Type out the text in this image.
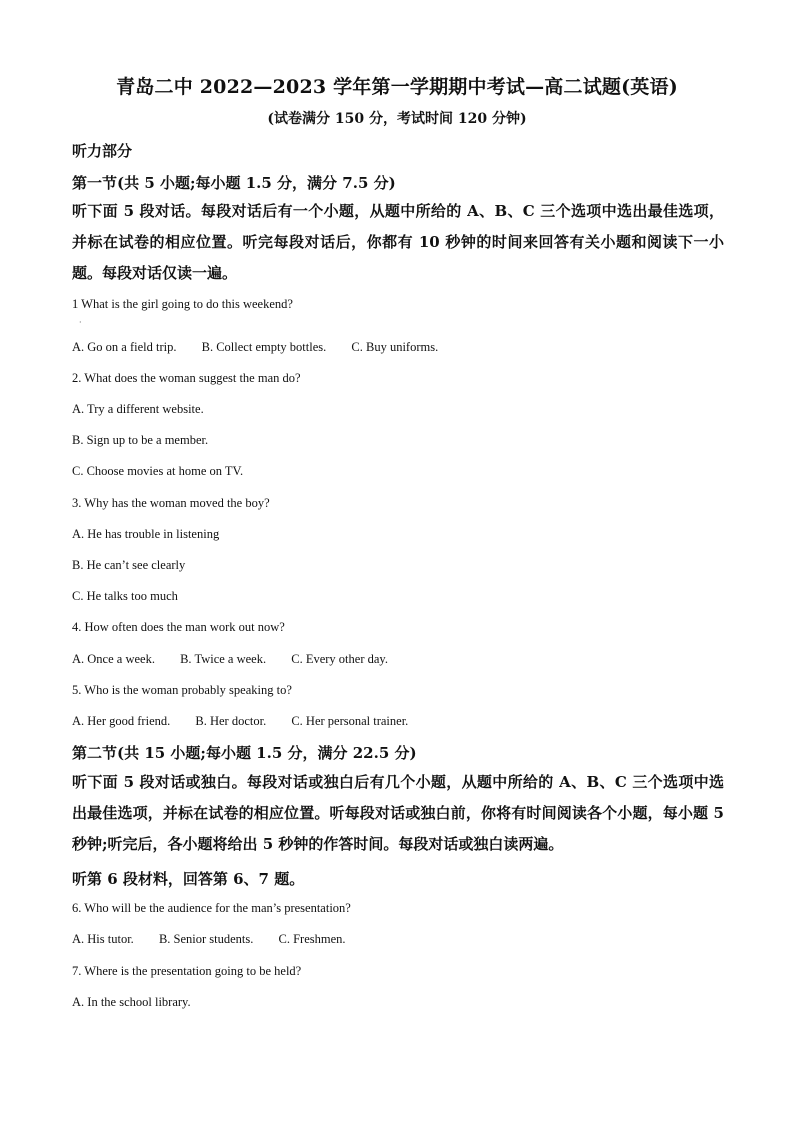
青岛二中 2022—2023 学年第一学期期中考试—高二试题(英语)
(试卷满分 150 分，考试时间 120 分钟)
听力部分
第一节(共 5 小题;每小题 1.5 分，满分 7.5 分)
听下面 5 段对话。每段对话后有一个小题，从题中所给的 A、B、C 三个选项中选出最佳选项，并标在试卷的相应位置。听完每段对话后，你都有 10 秒钟的时间来回答有关小题和阅读下一小题。每段对话仅读一遍。
1 What is the girl going to do this weekend?
·
A. Go on a field trip. B. Collect empty bottles. C. Buy uniforms.
2. What does the woman suggest the man do?
A. Try a different website.
B. Sign up to be a member.
C. Choose movies at home on TV.
3. Why has the woman moved the boy?
A. He has trouble in listening
B. He can’t see clearly
C. He talks too much
4. How often does the man work out now?
A. Once a week. B. Twice a week. C. Every other day.
5. Who is the woman probably speaking to?
A. Her good friend. B. Her doctor. C. Her personal trainer.
第二节(共 15 小题;每小题 1.5 分，满分 22.5 分)
听下面 5 段对话或独白。每段对话或独白后有几个小题，从题中所给的 A、B、C 三个选项中选出最佳选项，并标在试卷的相应位置。听每段对话或独白前，你将有时间阅读各个小题，每小题 5 秒钟;听完后，各小题将给出 5 秒钟的作答时间。每段对话或独白读两遍。
听第 6 段材料，回答第 6、7 题。
6. Who will be the audience for the man’s presentation?
A. His tutor. B. Senior students. C. Freshmen.
7. Where is the presentation going to be held?
A. In the school library.
